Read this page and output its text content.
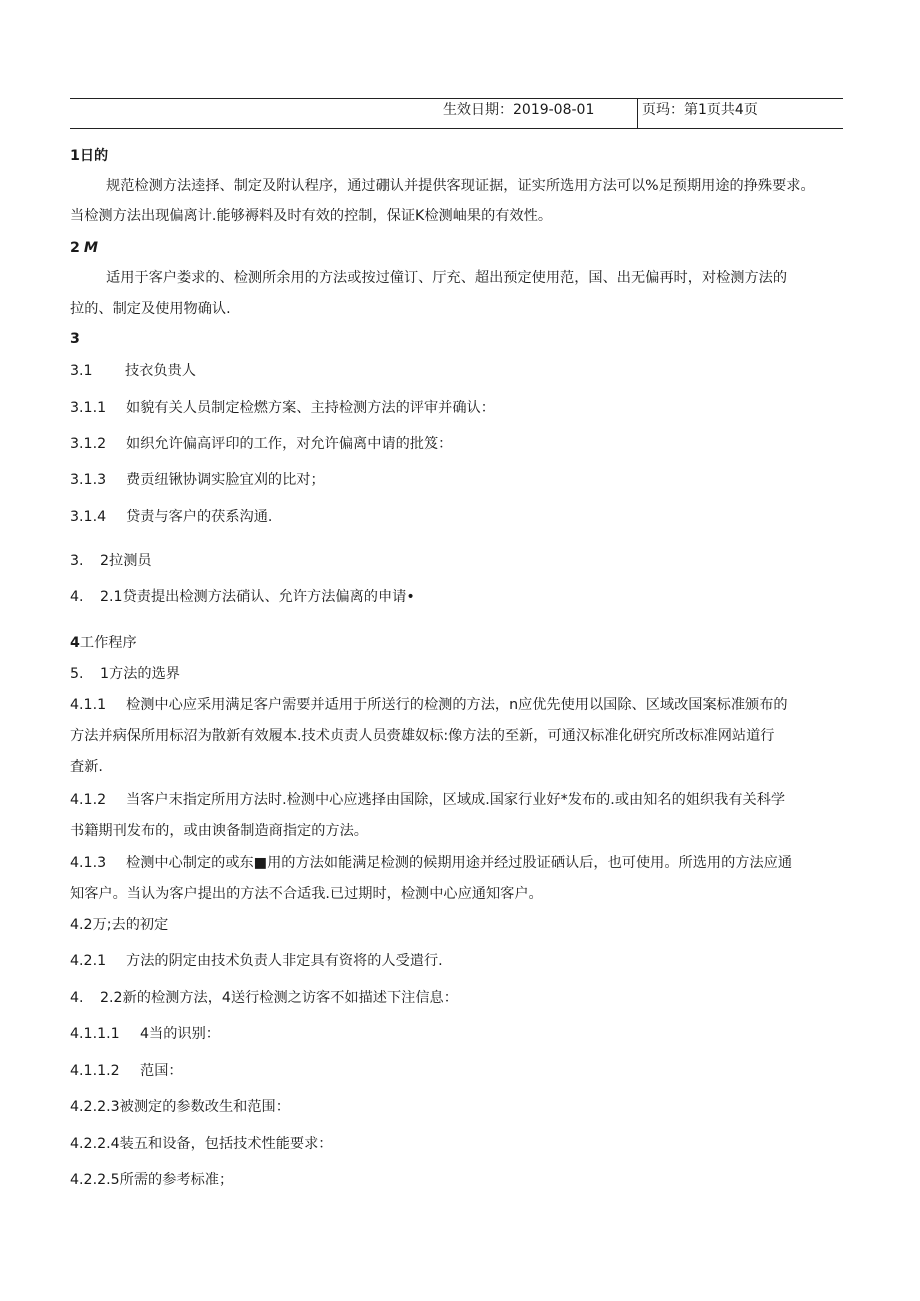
生效日期：2019-08-01	页玛：第1页共4页
1日的
规范检测方法逵择、制定及附认程序，通过硼认并提供客现证据，证实所选用方法可以%足预期用途的挣殊要求。
当检测方法出现偏离计.能够褥料及时有效的控制，保证K检测岫果的有效性。
2 M
适用于客户娄求的、检测所余用的方法或按过僮订、厅充、超出预定使用范，国、出无偏再时，对检测方法的
拉的、制定及使用物确认.
3
3.1 技衣负贵人
3.1.1 如貌有关人员制定检燃方案、主持检测方法的评审并确认：
3.1.2 如织允许偏高评印的工作，对允许偏离中请的批笈：
3.1.3 费贡纽锹协调实脸宜刈的比对；
3.1.4 贷责与客户的茯系沟通.
3. 2拉测员
4. 2.1贷责提出检测方法硝认、允许方法偏离的申请•
4工作程序
5. 1方法的选界
4.1.1 检测中心应采用满足客户需要并适用于所送行的检测的方法，n应优先使用以国除、区域改国案标准颁布的
方法并病保所用标沼为散新有效履本.技术贞责人员赍雄奴标:像方法的至新，可通汉标准化研究所改标准网站道行
査新.
4.1.2 当客户末指定所用方法时.检测中心应逃择由国除，区域成.国家行业好*发布的.或由知名的姐织我有关科学
书籍期刊发布的，或由谀备制造商指定的方法。
4.1.3 检测中心制定的或东■用的方法如能满足检测的候期用途并经过股证硒认后，也可使用。所选用的方法应通
知客户。当认为客户提出的方法不合适我.已过期时，检测中心应通知客户。
4.2万;去的初定
4.2.1 方法的阴定由技术负责人非定具有资将的人受遣行.
4. 2.2新的检测方法，4送行检测之访客不如描述下注信息：
4.1.1.1 4当的识别：
4.1.1.2 范国：
4.2.2.3被测定的参数改生和范围：
4.2.2.4装五和设备，包括技术性能要求：
4.2.2.5所需的参考标准；
